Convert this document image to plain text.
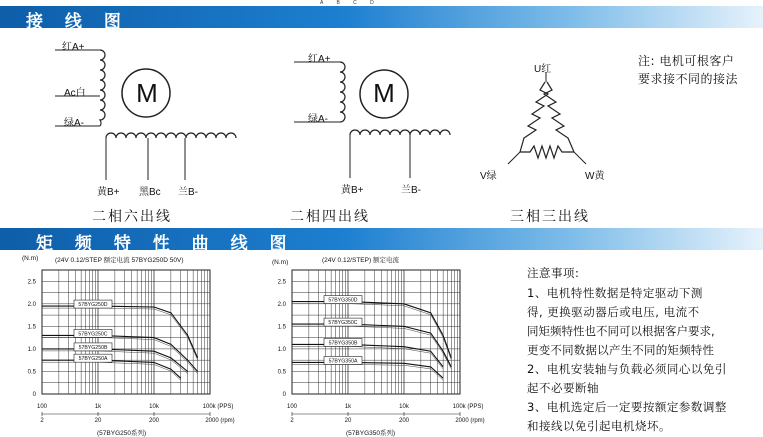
A B C D
接 线 图
M
红A+
Ac白
绿A-
黄B+ 黑Bc 兰B-
二相六出线
M
红A+
绿A-
黄B+	兰B-
二相四出线
U红
V绿	W黄
三相三出线
注: 电机可根客户
要求接不同的接法
矩 频 特 性 曲 线 图
(N.m)	(24V 0.12/STEP 额定电流 57BYG250D 50V)
2.5
2.0
1.5
1.0
0.5
0
100	1k	10k	100k (PPS)
2	20	200	2000 (rpm)
57BYG250D
57BYG250C
57BYG250B
57BYG250A
(57BYG250系列)
(N.m)	(24V 0.12/STEP) 额定电流
2.5
2.0
1.5
1.0
0.5
0
100	1k	10k	100k (PPS)
2	20	200	2000 (rpm)
57BYG350D
57BYG350C
57BYG350B
57BYG350A
(57BYG350系列)
注意事项:
1、电机特性数据是特定驱动下测
得, 更换驱动器后或电压, 电流不
同矩频特性也不同可以根据客户要求,
更变不同数据以产生不同的矩频特性
2、电机安装轴与负载必须同心以免引
起不必要断轴
3、电机选定后一定要按额定参数调整
和接线以免引起电机烧坏。
